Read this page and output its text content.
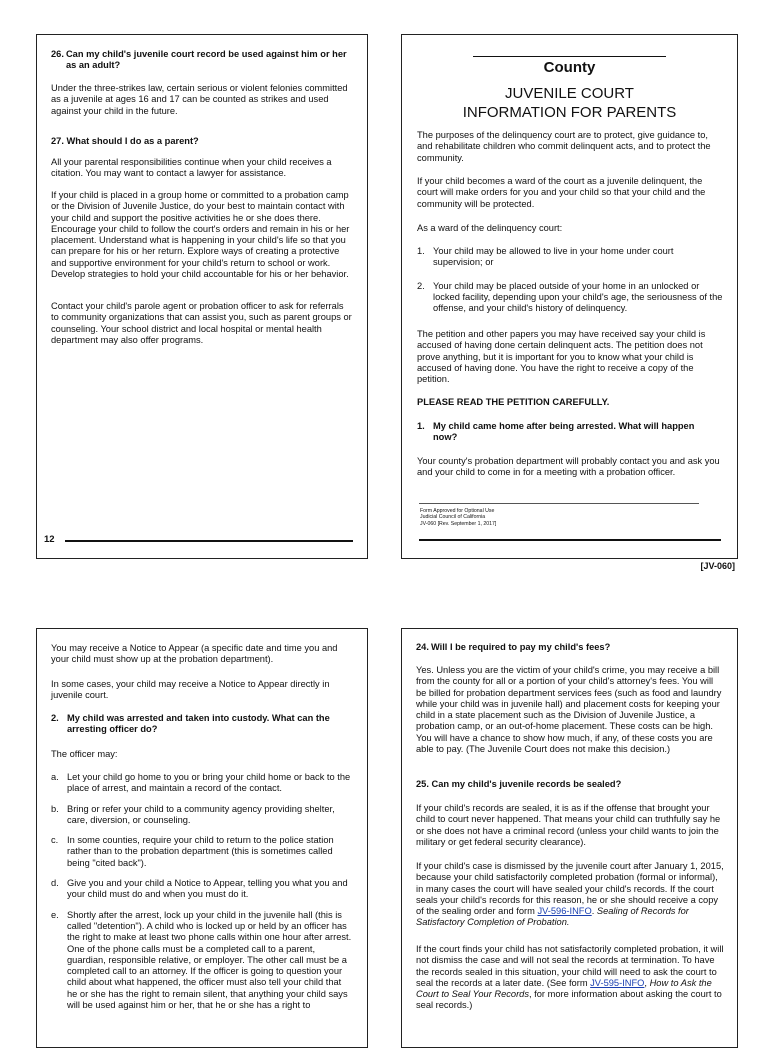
26. Can my child's juvenile court record be used against him or her as an adult?

Under the three-strikes law, certain serious or violent felonies committed as a juvenile at ages 16 and 17 can be counted as strikes and used against your child in the future.

27. What should I do as a parent?

All your parental responsibilities continue when your child receives a citation. You may want to contact a lawyer for assistance.

If your child is placed in a group home or committed to a probation camp or the Division of Juvenile Justice, do your best to maintain contact with your child and support the positive activities he or she does there. Encourage your child to follow the court's orders and remain in his or her placement. Understand what is happening in your child's life so that you can prepare for his or her return. Explore ways of creating a protective and supportive environment for your child's return to school or work. Develop strategies to hold your child accountable for his or her behavior.

Contact your child's parole agent or probation officer to ask for referrals to community organizations that can assist you, such as parent groups or counseling. Your school district and local hospital or mental health department may also offer programs.

12
County
JUVENILE COURT
INFORMATION FOR PARENTS

The purposes of the delinquency court are to protect, give guidance to, and rehabilitate children who commit delinquent acts, and to protect the community.

If your child becomes a ward of the court as a juvenile delinquent, the court will make orders for you and your child so that your child and the community will be protected.

As a ward of the delinquency court:

1. Your child may be allowed to live in your home under court supervision; or
2. Your child may be placed outside of your home in an unlocked or locked facility, depending upon your child's age, the seriousness of the offense, and your child's history of delinquency.

The petition and other papers you may have received say your child is accused of having done certain delinquent acts. The petition does not prove anything, but it is important for you to know what your child is accused of having done. You have the right to receive a copy of the petition.

PLEASE READ THE PETITION CAREFULLY.

1. My child came home after being arrested. What will happen now?

Your county's probation department will probably contact you and ask you and your child to come in for a meeting with a probation officer.

Form Approved for Optional Use
Judicial Council of California
JV-060 [Rev. September 1, 2017]
[JV-060]

You may receive a Notice to Appear (a specific date and time you and your child must show up at the probation department).

In some cases, your child may receive a Notice to Appear directly in juvenile court.

2. My child was arrested and taken into custody. What can the arresting officer do?

The officer may:

a. Let your child go home to you or bring your child home or back to the place of arrest, and maintain a record of the contact.
b. Bring or refer your child to a community agency providing shelter, care, diversion, or counseling.
c. In some counties, require your child to return to the police station rather than to the probation department (this is sometimes called being "cited back").
d. Give you and your child a Notice to Appear, telling you what you and your child must do and when you must do it.
e. Shortly after the arrest, lock up your child in the juvenile hall (this is called "detention"). A child who is locked up or held by an officer has the right to make at least two phone calls within one hour after arrest. One of the phone calls must be a completed call to a parent, guardian, responsible relative, or employer. The other call must be a completed call to an attorney. If the officer is going to question your child about what happened, the officer must also tell your child that he or she has the right to remain silent, that anything your child says will be used against him or her, that he or she has a right to
24. Will I be required to pay my child's fees?

Yes. Unless you are the victim of your child's crime, you may receive a bill from the county for all or a portion of your child's attorney's fees. You will be billed for probation department services fees (such as food and laundry while your child was in juvenile hall) and placement costs for keeping your child in a state placement such as the Division of Juvenile Justice, a probation camp, or an out-of-home placement. These costs can be high. You will have a chance to show how much, if any, of these costs you are able to pay. (The Juvenile Court does not make this decision.)

25. Can my child's juvenile records be sealed?

If your child's records are sealed, it is as if the offense that brought your child to court never happened. That means your child can truthfully say he or she does not have a criminal record (unless your child wants to join the military or get federal security clearance).

If your child's case is dismissed by the juvenile court after January 1, 2015, because your child satisfactorily completed probation (formal or informal), in many cases the court will have sealed your child's records. If the court seals your child's records for this reason, he or she should receive a copy of the sealing order and form JV-596-INFO. Sealing of Records for Satisfactory Completion of Probation.

If the court finds your child has not satisfactorily completed probation, it will not dismiss the case and will not seal the records at termination. To have the records sealed in this situation, your child will need to ask the court to seal the records at a later date. (See form JV-595-INFO, How to Ask the Court to Seal Your Records, for more information about asking the court to seal records.)
